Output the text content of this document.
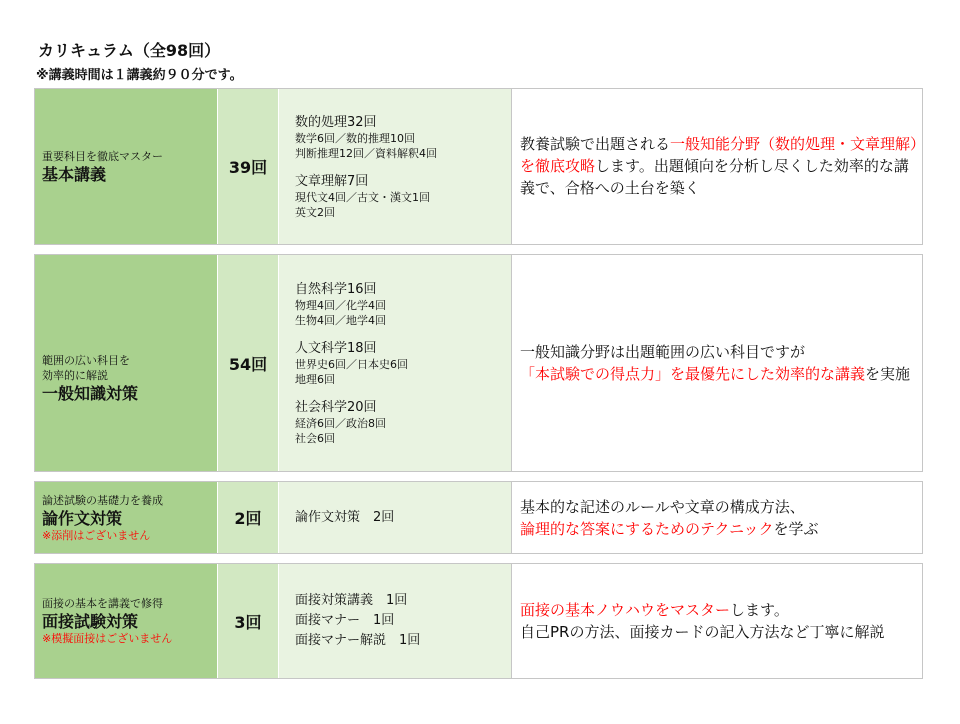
カリキュラム（全98回）
※講義時間は１講義約９０分です。
重要科目を徹底マスター
基本講義	39回
数的処理32回
数学6回／数的推理10回
判断推理12回／資料解釈4回
文章理解7回
現代文4回／古文・漢文1回
英文2回
教養試験で出題される一般知能分野（数的処理・文章理解）を徹底攻略します。出題傾向を分析し尽くした効率的な講義で、合格への土台を築く
範囲の広い科目を
効率的に解説
一般知識対策
54回
自然科学16回
物理4回／化学4回
生物4回／地学4回
人文科学18回
世界史6回／日本史6回
地理6回
社会科学20回
経済6回／政治8回
社会6回
一般知識分野は出題範囲の広い科目ですが
「本試験での得点力」を最優先にした効率的な講義を実施
論述試験の基礎力を養成
論作文対策
※添削はございません
2回	論作文対策　2回
基本的な記述のルールや文章の構成方法、
論理的な答案にするためのテクニックを学ぶ
面接の基本を講義で修得
面接試験対策
※模擬面接はございません
3回
面接対策講義　1回
面接マナー　1回
面接マナー解説　1回
面接の基本ノウハウをマスターします。
自己PRの方法、面接カードの記入方法など丁寧に解説
